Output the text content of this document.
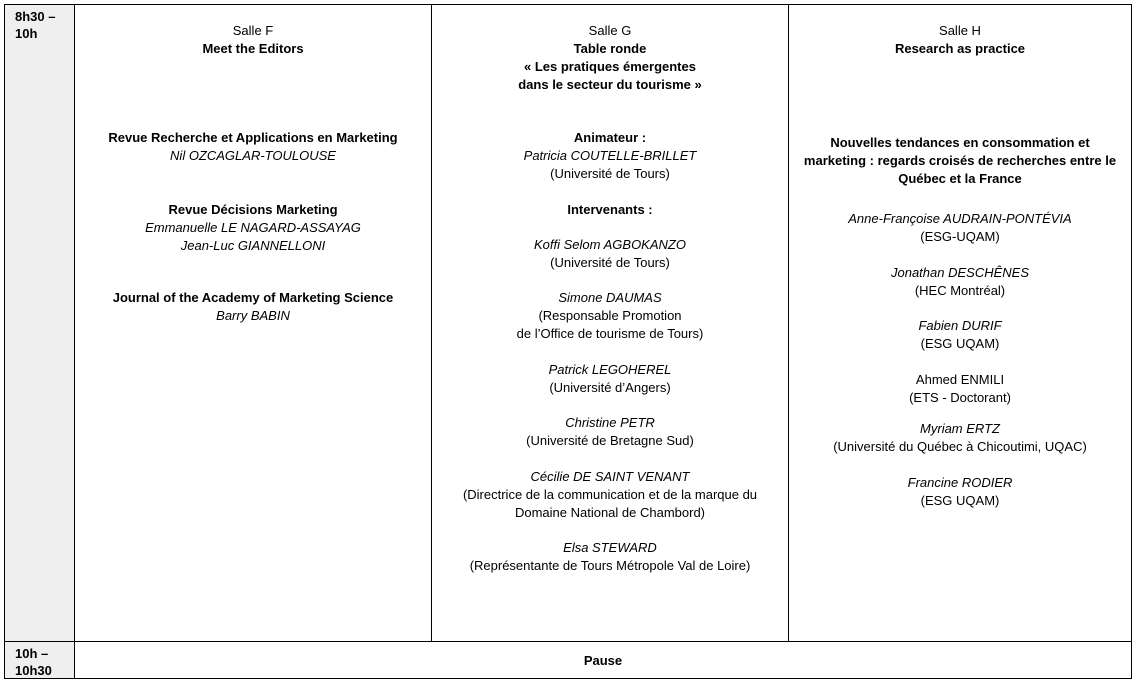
8h30 –
10h	Salle F
Meet the Editors
Revue Recherche et Applications en Marketing
Nil OZCAGLAR-TOULOUSE
Revue Décisions Marketing
Emmanuelle LE NAGARD-ASSAYAG
Jean-Luc GIANNELLONI
Journal of the Academy of Marketing Science
Barry BABIN
Salle G
Table ronde
« Les pratiques émergentes
dans le secteur du tourisme »
Animateur :
Patricia COUTELLE-BRILLET
(Université de Tours)
Intervenants :
Koffi Selom AGBOKANZO
(Université de Tours)
Simone DAUMAS
(Responsable Promotion
de l’Office de tourisme de Tours)
Patrick LEGOHEREL
(Université d’Angers)
Christine PETR
(Université de Bretagne Sud)
Cécilie DE SAINT VENANT
(Directrice de la communication et de la marque du
Domaine National de Chambord)
Elsa STEWARD
(Représentante de Tours Métropole Val de Loire)
Salle H
Research as practice
Nouvelles tendances en consommation et
marketing : regards croisés de recherches entre le
Québec et la France
Anne-Françoise AUDRAIN-PONTÉVIA
(ESG-UQAM)
Jonathan DESCHÊNES
(HEC Montréal)
Fabien DURIF
(ESG UQAM)
Ahmed ENMILI
(ETS - Doctorant)
Myriam ERTZ
(Université du Québec à Chicoutimi, UQAC)
Francine RODIER
(ESG UQAM)
10h –
10h30
Pause
